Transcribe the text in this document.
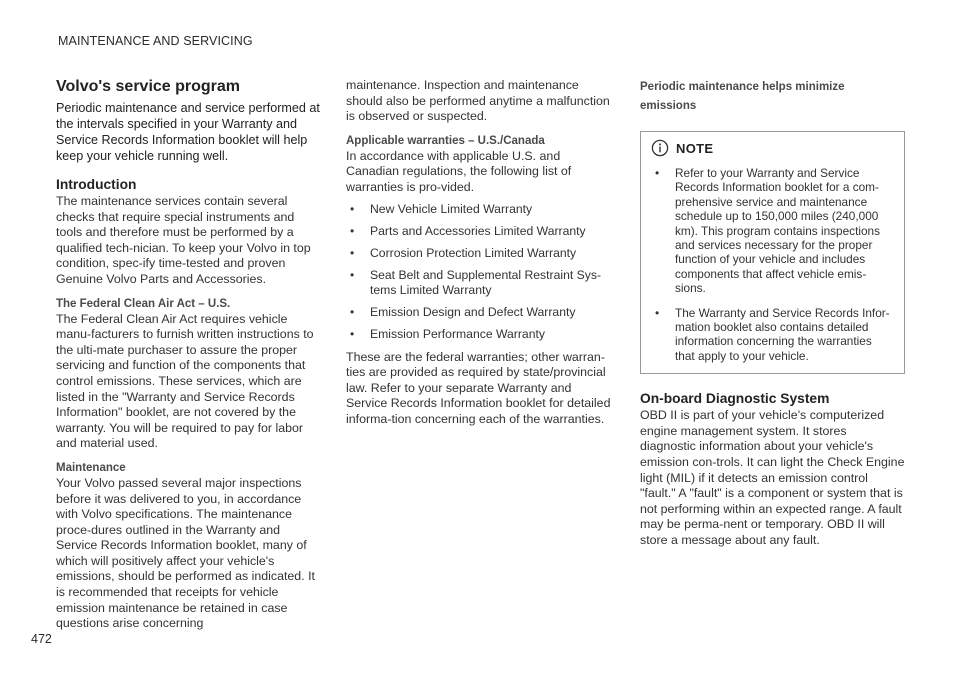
MAINTENANCE AND SERVICING
Volvo's service program

Periodic maintenance and service performed at the intervals specified in your Warranty and Service Records Information booklet will help keep your vehicle running well.

Introduction

The maintenance services contain several checks that require special instruments and tools and therefore must be performed by a qualified tech-nician. To keep your Volvo in top condition, spec-ify time-tested and proven Genuine Volvo Parts and Accessories.

The Federal Clean Air Act – U.S.

The Federal Clean Air Act requires vehicle manu-facturers to furnish written instructions to the ulti-mate purchaser to assure the proper servicing and function of the components that control emissions. These services, which are listed in the "Warranty and Service Records Information" booklet, are not covered by the warranty. You will be required to pay for labor and material used.

Maintenance

Your Volvo passed several major inspections before it was delivered to you, in accordance with Volvo specifications. The maintenance proce-dures outlined in the Warranty and Service Records Information booklet, many of which will positively affect your vehicle's emissions, should be performed as indicated. It is recommended that receipts for vehicle emission maintenance be retained in case questions arise concerning

maintenance. Inspection and maintenance should also be performed anytime a malfunction is observed or suspected.

Applicable warranties – U.S./Canada

In accordance with applicable U.S. and Canadian regulations, the following list of warranties is pro-vided.

• New Vehicle Limited Warranty
• Parts and Accessories Limited Warranty
• Corrosion Protection Limited Warranty
• Seat Belt and Supplemental Restraint Sys-tems Limited Warranty
• Emission Design and Defect Warranty
• Emission Performance Warranty

These are the federal warranties; other warran-ties are provided as required by state/provincial law. Refer to your separate Warranty and Service Records Information booklet for detailed informa-tion concerning each of the warranties.

Periodic maintenance helps minimize emissions
NOTE
• Refer to your Warranty and Service Records Information booklet for a com-prehensive service and maintenance schedule up to 150,000 miles (240,000 km). This program contains inspections and services necessary for the proper function of your vehicle and includes components that affect vehicle emis-sions.
• The Warranty and Service Records Infor-mation booklet also contains detailed information concerning the warranties that apply to your vehicle.
On-board Diagnostic System

OBD II is part of your vehicle's computerized engine management system. It stores diagnostic information about your vehicle's emission con-trols. It can light the Check Engine light (MIL) if it detects an emission control "fault." A "fault" is a component or system that is not performing within an expected range. A fault may be perma-nent or temporary. OBD II will store a message about any fault.

472
